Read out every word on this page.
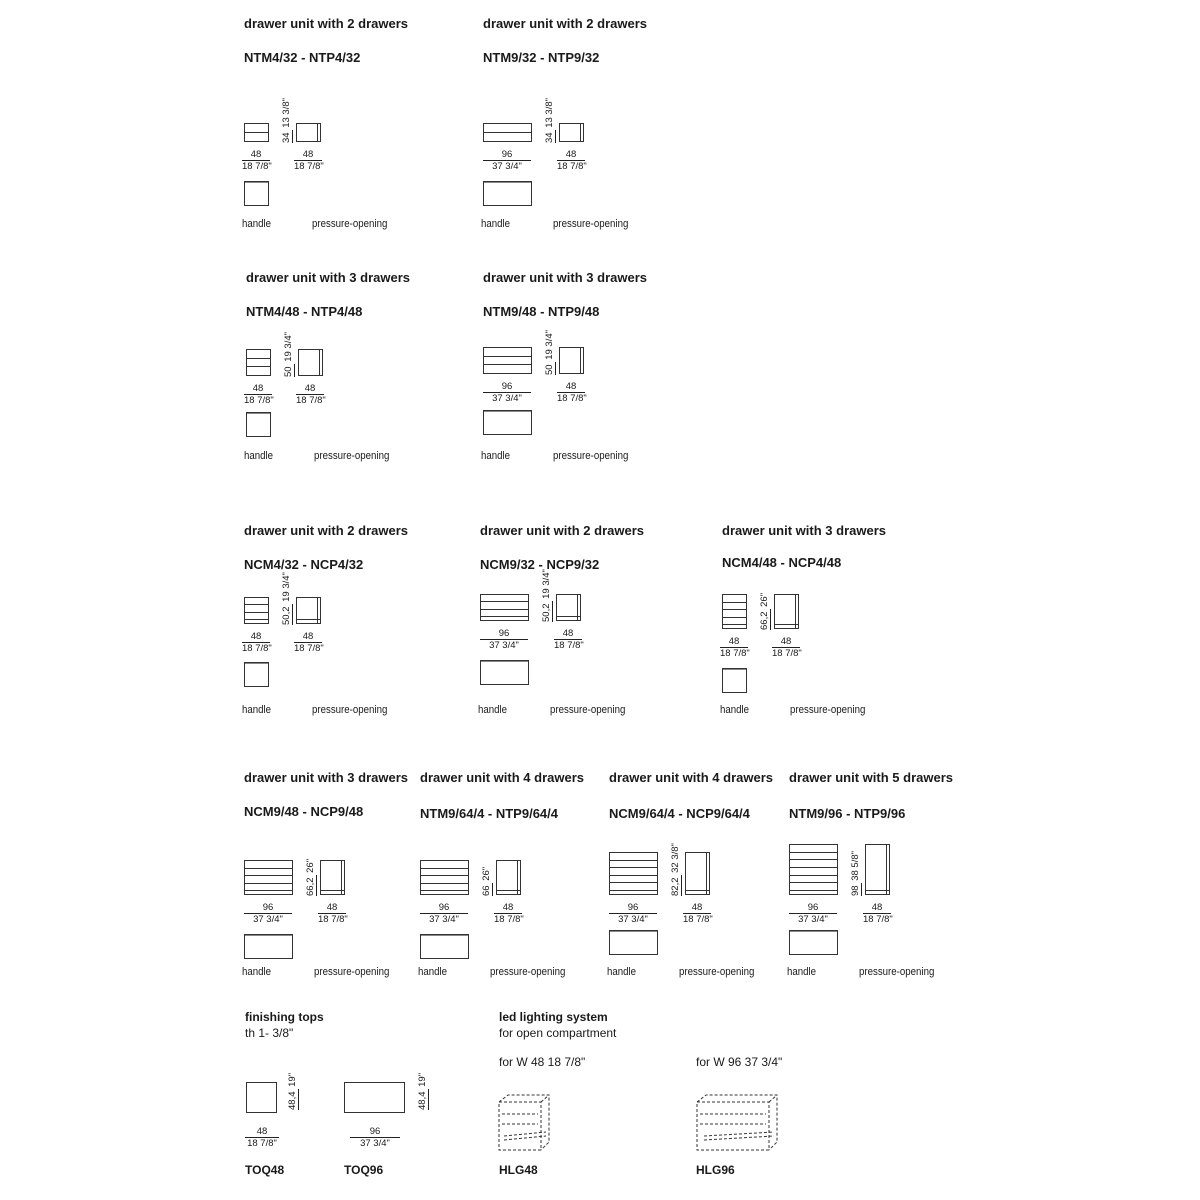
drawer unit with 2 drawers
NTM4/32 - NTP4/32
34 13 3/8"
48
18 7/8"
48
18 7/8"
handle	pressure-opening
drawer unit with 2 drawers
NTM9/32 - NTP9/32
34 13 3/8"
96
37 3/4"
48
18 7/8"
handle	pressure-opening
drawer unit with 3 drawers
NTM4/48 - NTP4/48
50 19 3/4"
48
18 7/8"
48
18 7/8"
handle	pressure-opening
drawer unit with 3 drawers
NTM9/48 - NTP9/48
50 19 3/4"
96
37 3/4"
48
18 7/8"
handle	pressure-opening
drawer unit with 2 drawers
NCM4/32 - NCP4/32
50,2 19 3/4"
48
18 7/8"
48
18 7/8"
handle	pressure-opening
drawer unit with 2 drawers
NCM9/32 - NCP9/32
50,2 19 3/4"
96
37 3/4"
48
18 7/8"
handle	pressure-opening
drawer unit with 3 drawers
NCM4/48 - NCP4/48
66,2 26"
48
18 7/8"
48
18 7/8"
handle	pressure-opening
drawer unit with 3 drawers
NCM9/48 - NCP9/48
66,2 26"
96
37 3/4"
48
18 7/8"
handle	pressure-opening
drawer unit with 4 drawers
NTM9/64/4 - NTP9/64/4
66 26"
96
37 3/4"
48
18 7/8"
handle	pressure-opening
drawer unit with 4 drawers
NCM9/64/4 - NCP9/64/4
82,2 32 3/8"
96
37 3/4"
48
18 7/8"
handle	pressure-opening
drawer unit with 5 drawers
NTM9/96 - NTP9/96
98 38 5/8"
96
37 3/4"
48
18 7/8"
handle	pressure-opening
finishing tops
th 1- 3/8"
48,4 19"
48
18 7/8"
TOQ48
48,4 19"
96
37 3/4"
TOQ96
led lighting system
for open compartment
for W 48 18 7/8"	for W 96 37 3/4"
HLG48	HLG96
